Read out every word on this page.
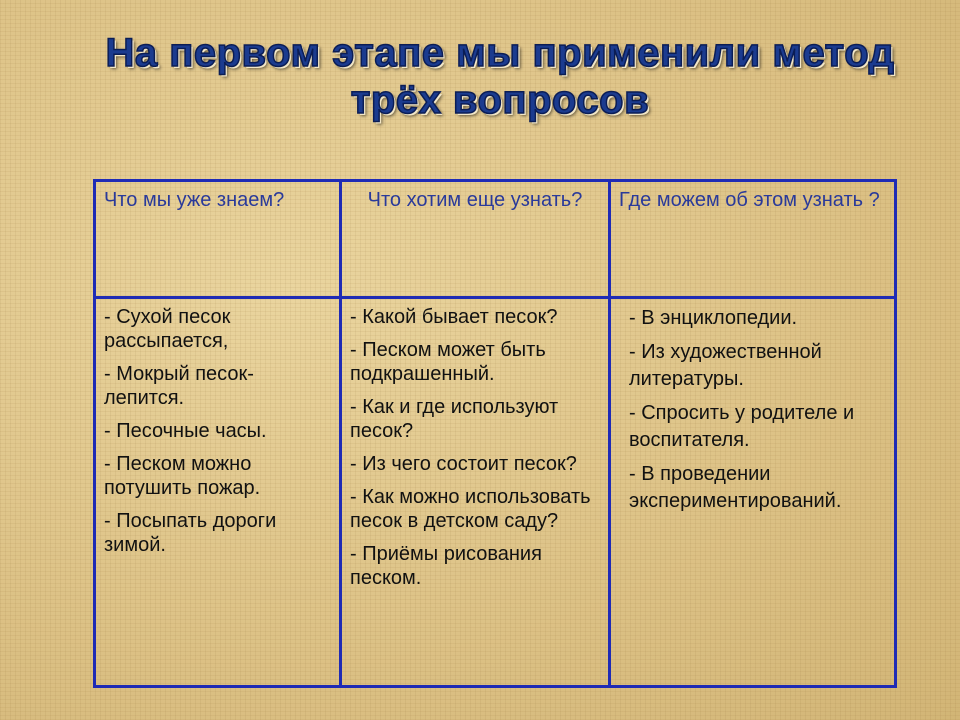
На первом этапе мы применили метод
трёх вопросов
Что мы уже знаем?	Что хотим еще узнать?	Где можем об этом узнать ?
- Сухой песок рассыпается,
- Мокрый песок-лепится.
- Песочные часы.
- Песком можно потушить пожар.
- Посыпать дороги зимой.
- Какой бывает песок?
- Песком может быть подкрашенный.
- Как и где используют песок?
- Из чего состоит песок?
- Как можно использовать песок в детском саду?
- Приёмы рисования песком.
- В энциклопедии.
- Из художественной литературы.
- Спросить у родителе и воспитателя.
- В проведении экспериментирований.
